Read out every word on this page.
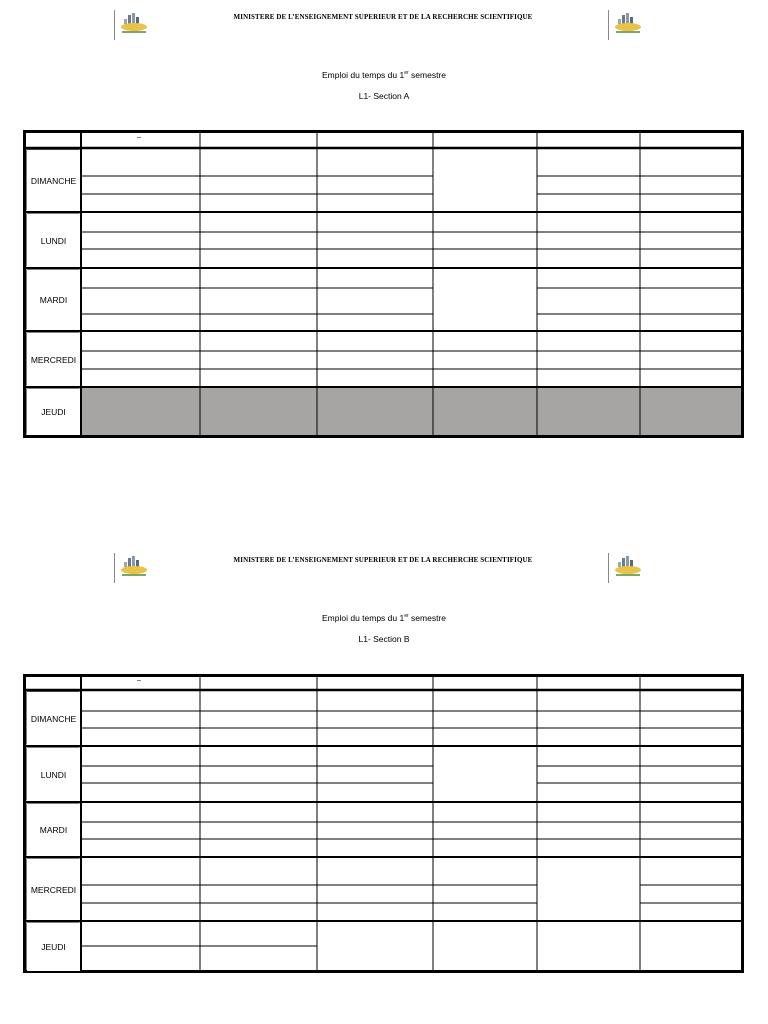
MINISTERE DE L’ENSEIGNEMENT SUPERIEUR ET DE LA RECHERCHE SCIENTIFIQUE
Emploi du temps du 1er semestre
L1- Section A
–
DIMANCHE
LUNDI
MARDI
MERCREDI
JEUDI
MINISTERE DE L’ENSEIGNEMENT SUPERIEUR ET DE LA RECHERCHE SCIENTIFIQUE
Emploi du temps du 1er semestre
L1- Section B
–
DIMANCHE
LUNDI
MARDI
MERCREDI
JEUDI
